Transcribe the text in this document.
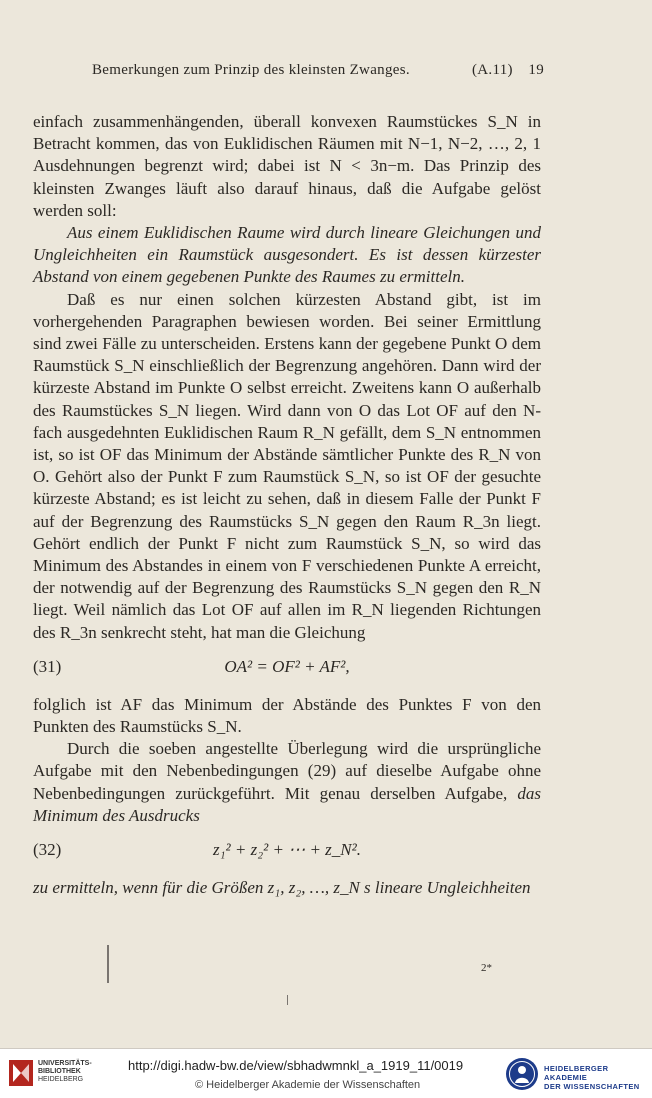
Bemerkungen zum Prinzip des kleinsten Zwanges.	(A.11) 19

einfach zusammenhängenden, überall konvexen Raumstückes S_N in Betracht kommen, das von Euklidischen Räumen mit N−1, N−2, …, 2, 1 Ausdehnungen begrenzt wird; dabei ist N < 3n−m. Das Prinzip des kleinsten Zwanges läuft also darauf hinaus, daß die Aufgabe gelöst werden soll:

Aus einem Euklidischen Raume wird durch lineare Gleichungen und Ungleichheiten ein Raumstück ausgesondert. Es ist dessen kürzester Abstand von einem gegebenen Punkte des Raumes zu ermitteln.

Daß es nur einen solchen kürzesten Abstand gibt, ist im vorhergehenden Paragraphen bewiesen worden. Bei seiner Ermittlung sind zwei Fälle zu unterscheiden. Erstens kann der gegebene Punkt O dem Raumstück S_N einschließlich der Begrenzung angehören. Dann wird der kürzeste Abstand im Punkte O selbst erreicht. Zweitens kann O außerhalb des Raumstückes S_N liegen. Wird dann von O das Lot OF auf den N-fach ausgedehnten Euklidischen Raum R_N gefällt, dem S_N entnommen ist, so ist OF das Minimum der Abstände sämtlicher Punkte des R_N von O. Gehört also der Punkt F zum Raumstück S_N, so ist OF der gesuchte kürzeste Abstand; es ist leicht zu sehen, daß in diesem Falle der Punkt F auf der Begrenzung des Raumstücks S_N gegen den Raum R_3n liegt. Gehört endlich der Punkt F nicht zum Raumstück S_N, so wird das Minimum des Abstandes in einem von F verschiedenen Punkte A erreicht, der notwendig auf der Begrenzung des Raumstücks S_N gegen den R_N liegt. Weil nämlich das Lot OF auf allen im R_N liegenden Richtungen des R_3n senkrecht steht, hat man die Gleichung

(31)	OA² = OF² + AF²,

folglich ist AF das Minimum der Abstände des Punktes F von den Punkten des Raumstücks S_N.

Durch die soeben angestellte Überlegung wird die ursprüngliche Aufgabe mit den Nebenbedingungen (29) auf dieselbe Aufgabe ohne Nebenbedingungen zurückgeführt. Mit genau derselben Aufgabe, das Minimum des Ausdrucks

(32)	z₁² + z₂² + ⋯ + z_N².

zu ermitteln, wenn für die Größen z₁, z₂, …, z_N s lineare Ungleichheiten

2*
UNIVERSITÄTS-
BIBLIOTHEK
HEIDELBERG
http://digi.hadw-bw.de/view/sbhadwmnkl_a_1919_11/0019
© Heidelberger Akademie der Wissenschaften
HEIDELBERGER AKADEMIE
DER WISSENSCHAFTEN
